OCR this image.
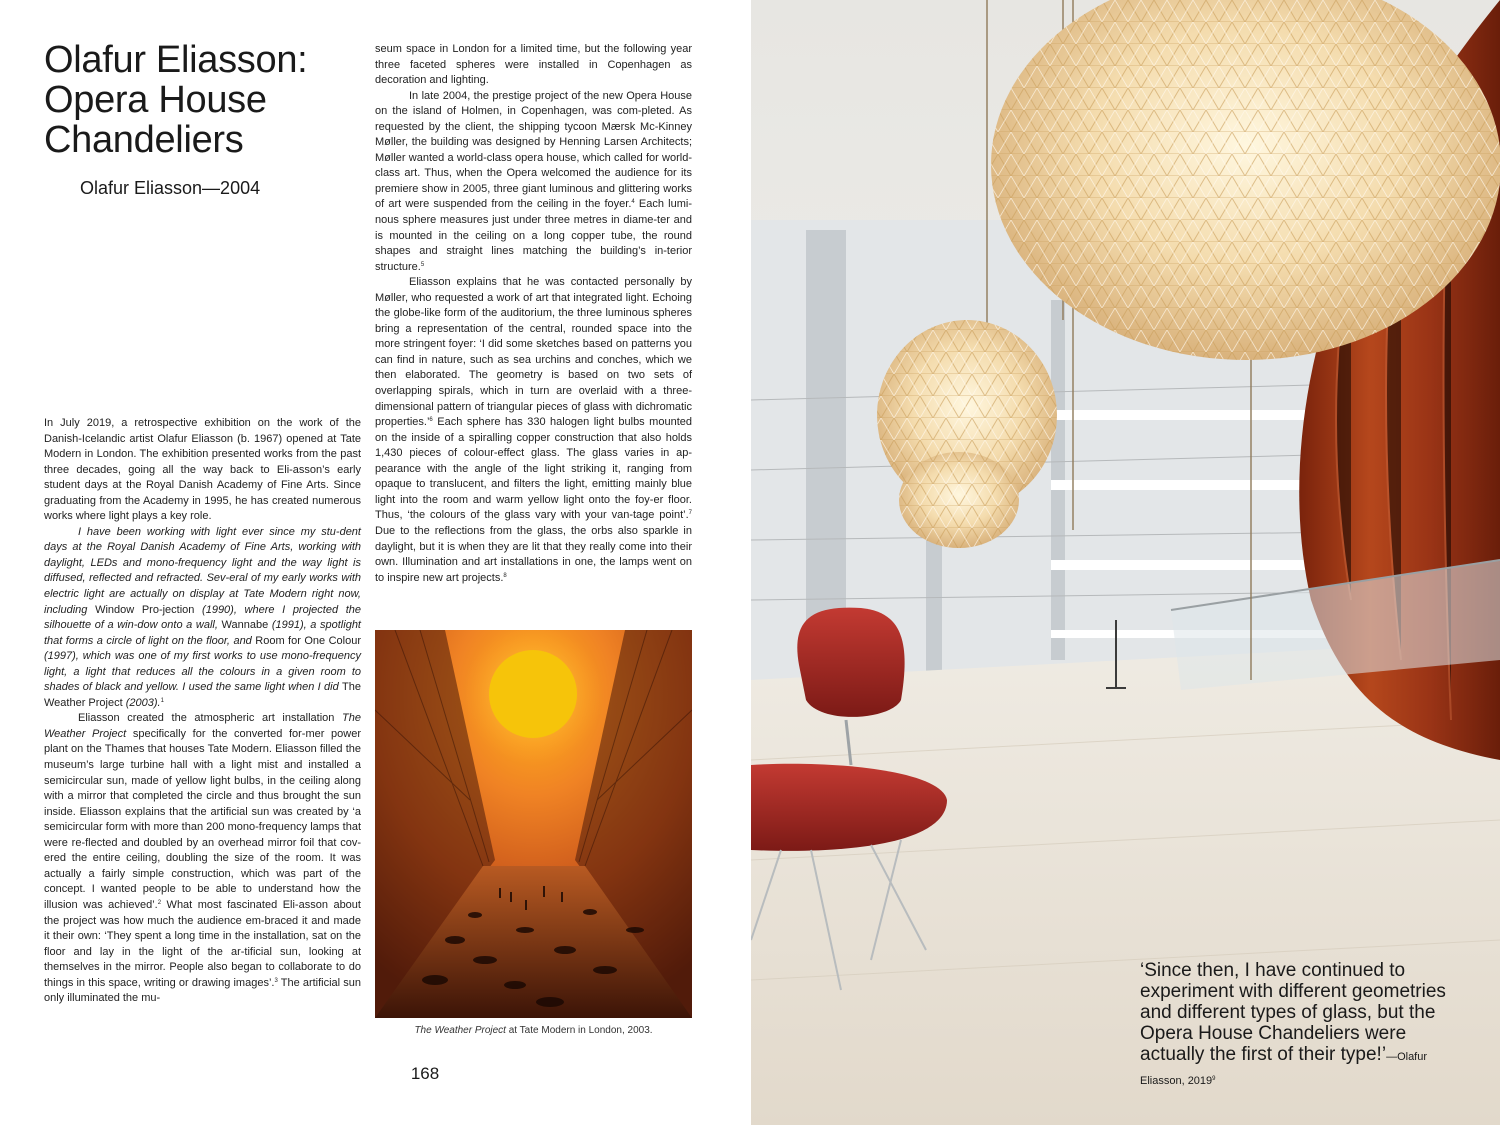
Olafur Eliasson:
Opera House
Chandeliers
Olafur Eliasson—2004

In July 2019, a retrospective exhibition on the work of the Danish-Icelandic artist Olafur Eliasson (b. 1967) opened at Tate Modern in London. The exhibition presented works from the past three decades, going all the way back to Eli-asson’s early student days at the Royal Danish Academy of Fine Arts. Since graduating from the Academy in 1995, he has created numerous works where light plays a key role.

I have been working with light ever since my stu-dent days at the Royal Danish Academy of Fine Arts, working with daylight, LEDs and mono-frequency light and the way light is diffused, reflected and refracted. Sev-eral of my early works with electric light are actually on display at Tate Modern right now, including Window Pro-jection (1990), where I projected the silhouette of a win-dow onto a wall, Wannabe (1991), a spotlight that forms a circle of light on the floor, and Room for One Colour (1997), which was one of my first works to use mono-frequency light, a light that reduces all the colours in a given room to shades of black and yellow. I used the same light when I did The Weather Project (2003).$^1$

Eliasson created the atmospheric art installation The Weather Project specifically for the converted for-mer power plant on the Thames that houses Tate Modern. Eliasson filled the museum’s large turbine hall with a light mist and installed a semicircular sun, made of yellow light bulbs, in the ceiling along with a mirror that completed the circle and thus brought the sun inside. Eliasson explains that the artificial sun was created by ‘a semicircular form with more than 200 mono-frequency lamps that were re-flected and doubled by an overhead mirror foil that cov-ered the entire ceiling, doubling the size of the room. It was actually a fairly simple construction, which was part of the concept. I wanted people to be able to understand how the illusion was achieved’.$^2$ What most fascinated Eli-asson about the project was how much the audience em-braced it and made it their own: ‘They spent a long time in the installation, sat on the floor and lay in the light of the ar-tificial sun, looking at themselves in the mirror. People also began to collaborate to do things in this space, writing or drawing images’.$^3$ The artificial sun only illuminated the mu-

seum space in London for a limited time, but the following year three faceted spheres were installed in Copenhagen as decoration and lighting.

In late 2004, the prestige project of the new Opera House on the island of Holmen, in Copenhagen, was com-pleted. As requested by the client, the shipping tycoon Mærsk Mc-Kinney Møller, the building was designed by Henning Larsen Architects; Møller wanted a world-class opera house, which called for world-class art. Thus, when the Opera welcomed the audience for its premiere show in 2005, three giant luminous and glittering works of art were suspended from the ceiling in the foyer.$^4$ Each lumi-nous sphere measures just under three metres in diame-ter and is mounted in the ceiling on a long copper tube, the round shapes and straight lines matching the building’s in-terior structure.$^5$

Eliasson explains that he was contacted personally by Møller, who requested a work of art that integrated light. Echoing the globe-like form of the auditorium, the three luminous spheres bring a representation of the central, rounded space into the more stringent foyer: ‘I did some sketches based on patterns you can find in nature, such as sea urchins and conches, which we then elaborated. The geometry is based on two sets of overlapping spirals, which in turn are overlaid with a three-dimensional pattern of triangular pieces of glass with dichromatic properties.’$^6$ Each sphere has 330 halogen light bulbs mounted on the inside of a spiralling copper construction that also holds 1,430 pieces of colour-effect glass. The glass varies in ap-pearance with the angle of the light striking it, ranging from opaque to translucent, and filters the light, emitting mainly blue light into the room and warm yellow light onto the foy-er floor. Thus, ‘the colours of the glass vary with your van-tage point’.$^7$ Due to the reflections from the glass, the orbs also sparkle in daylight, but it is when they are lit that they really come into their own. Illumination and art installations in one, the lamps went on to inspire new art projects.$^8$

The Weather Project at Tate Modern in London, 2003.
168
‘Since then, I have continued to experiment with different geometries and different types of glass, but the Opera House Chandeliers were actually the first of their type!’—Olafur Eliasson, 2019$^9$
